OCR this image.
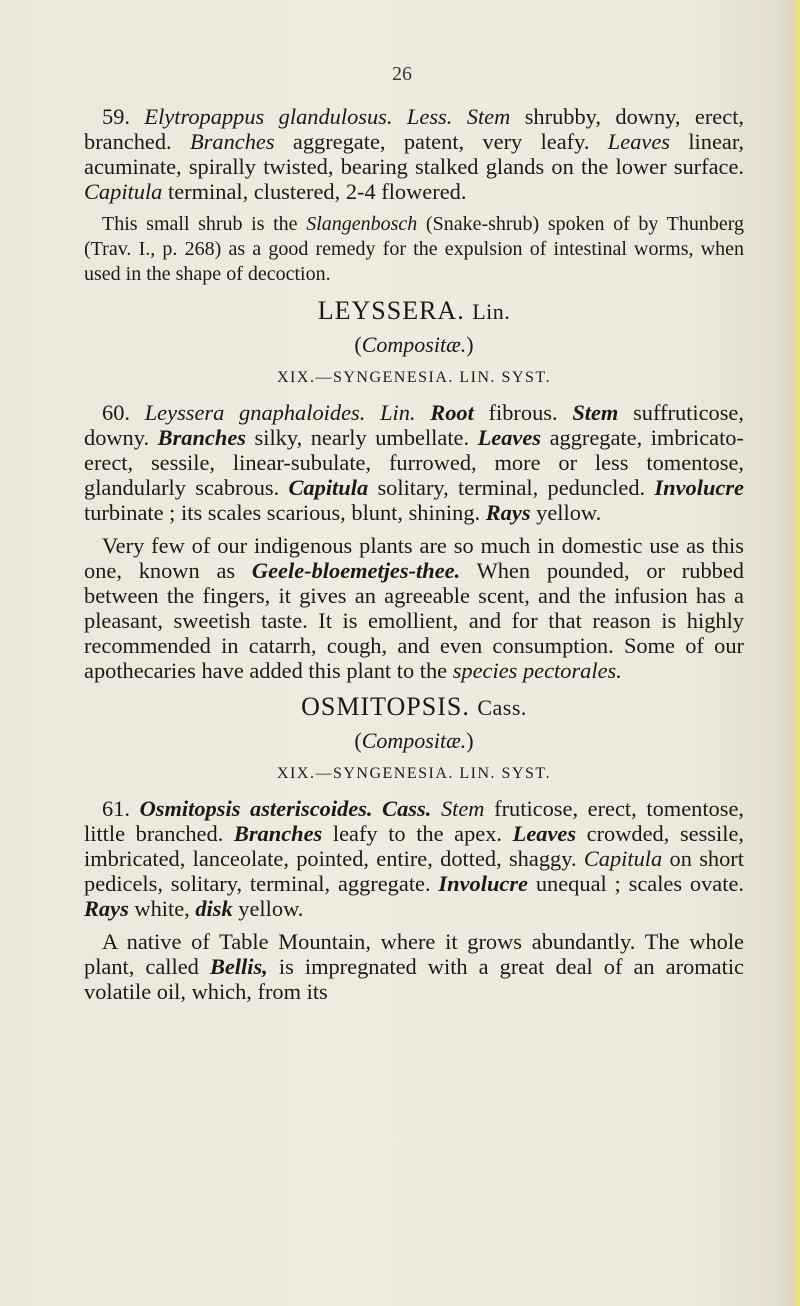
26

59. Elytropappus glandulosus. Less. Stem shrubby, downy, erect, branched. Branches aggregate, patent, very leafy. Leaves linear, acuminate, spirally twisted, bearing stalked glands on the lower surface. Capitula terminal, clustered, 2-4 flowered.

This small shrub is the Slangenbosch (Snake-shrub) spoken of by Thunberg (Trav. I., p. 268) as a good remedy for the expulsion of intestinal worms, when used in the shape of decoction.

LEYSSERA. Lin.
(Compositæ.)
XIX.—SYNGENESIA. LIN. SYST.

60. Leyssera gnaphaloides. Lin. Root fibrous. Stem suffruticose, downy. Branches silky, nearly umbellate. Leaves aggregate, imbricato-erect, sessile, linear-subulate, furrowed, more or less tomentose, glandularly scabrous. Capitula solitary, terminal, peduncled. Involucre turbinate ; its scales scarious, blunt, shining. Rays yellow.

Very few of our indigenous plants are so much in domestic use as this one, known as Geele-bloemetjes-thee. When pounded, or rubbed between the fingers, it gives an agreeable scent, and the infusion has a pleasant, sweetish taste. It is emollient, and for that reason is highly recommended in catarrh, cough, and even consumption. Some of our apothecaries have added this plant to the species pectorales.

OSMITOPSIS. Cass.
(Compositæ.)
XIX.—SYNGENESIA. LIN. SYST.

61. Osmitopsis asteriscoides. Cass. Stem fruticose, erect, tomentose, little branched. Branches leafy to the apex. Leaves crowded, sessile, imbricated, lanceolate, pointed, entire, dotted, shaggy. Capitula on short pedicels, solitary, terminal, aggregate. Involucre unequal ; scales ovate. Rays white, disk yellow.

A native of Table Mountain, where it grows abundantly. The whole plant, called Bellis, is impregnated with a great deal of an aromatic volatile oil, which, from its
